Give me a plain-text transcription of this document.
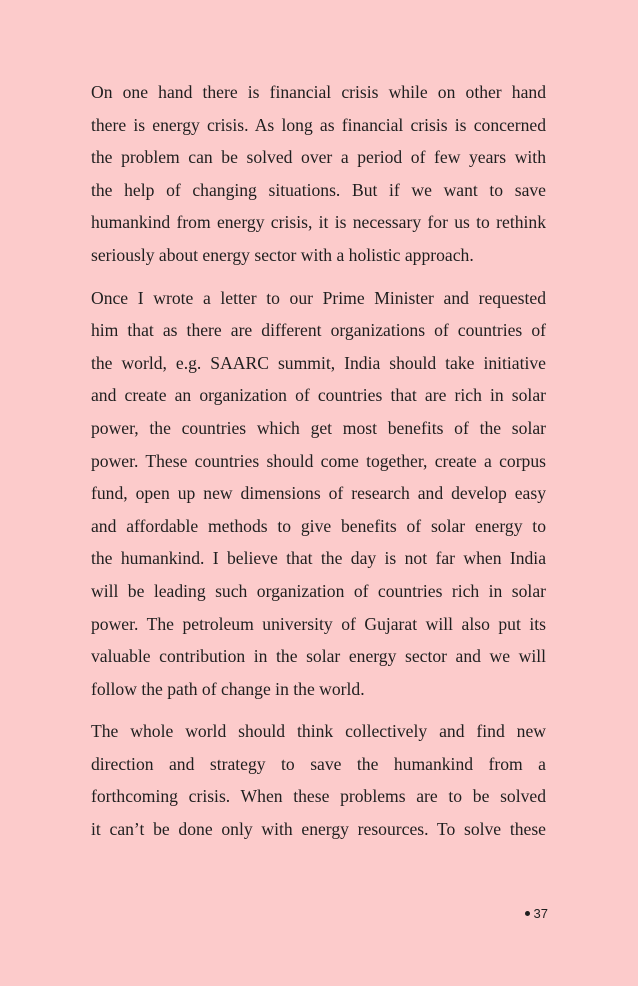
On one hand there is financial crisis while on other hand
there is energy crisis. As long as financial crisis is concerned
the problem can be solved over a period of few years with
the help of changing situations. But if we want to save
humankind from energy crisis, it is necessary for us to rethink
seriously about energy sector with a holistic approach.

Once I wrote a letter to our Prime Minister and requested
him that as there are different organizations of countries of
the world, e.g. SAARC summit, India should take initiative
and create an organization of countries that are rich in solar
power, the countries which get most benefits of the solar
power. These countries should come together, create a corpus
fund, open up new dimensions of research and develop easy
and affordable methods to give benefits of solar energy to
the humankind. I believe that the day is not far when India
will be leading such organization of countries rich in solar
power. The petroleum university of Gujarat will also put its
valuable contribution in the solar energy sector and we will
follow the path of change in the world.

The whole world should think collectively and find new
direction and strategy to save the humankind from a
forthcoming crisis. When these problems are to be solved
it can’t be done only with energy resources. To solve these

37
